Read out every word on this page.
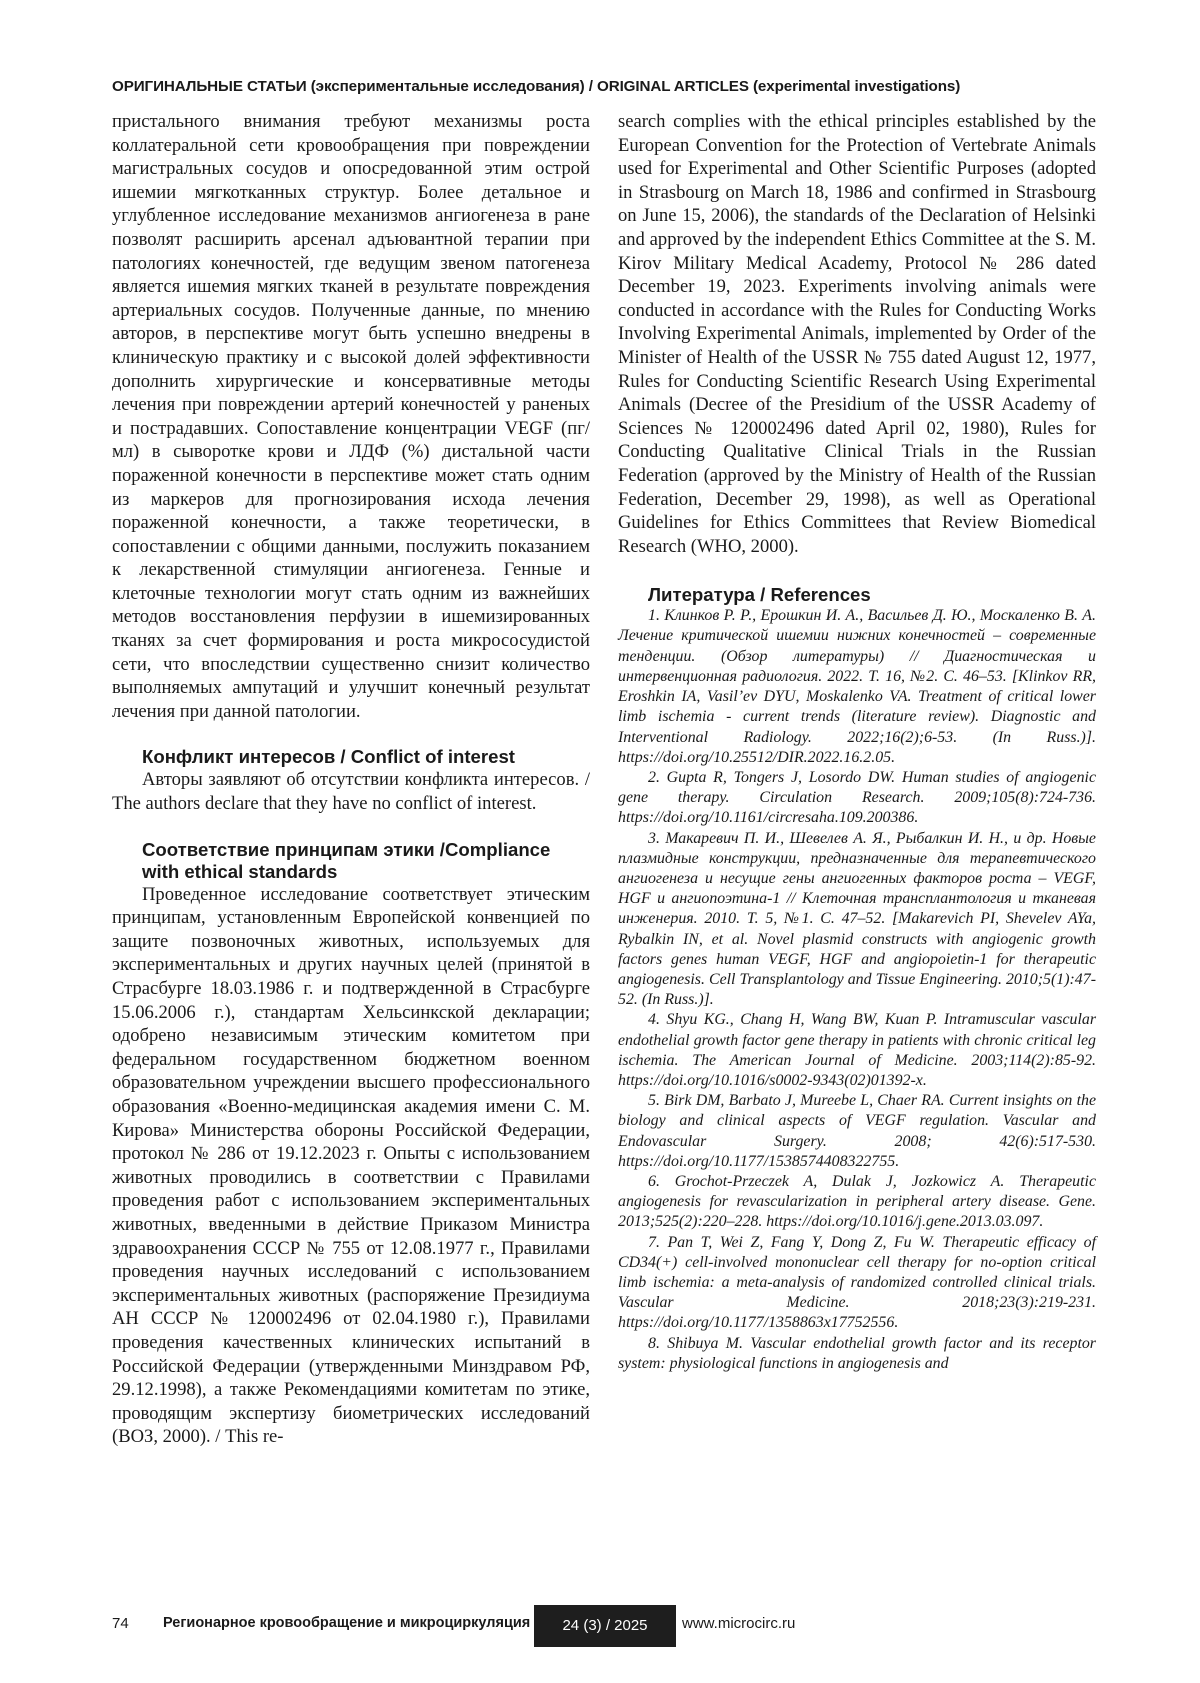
ОРИГИНАЛЬНЫЕ СТАТЬИ (экспериментальные исследования) / ORIGINAL ARTICLES (experimental investigations)

пристального внимания требуют механизмы роста коллатеральной сети кровообращения при повреждении магистральных сосудов и опосредованной этим острой ишемии мягкотканных структур. Более детальное и углубленное исследование механизмов ангиогенеза в ране позволят расширить арсенал адъювантной терапии при патологиях конечностей, где ведущим звеном патогенеза является ишемия мягких тканей в результате повреждения артериальных сосудов. Полученные данные, по мнению авторов, в перспективе могут быть успешно внедрены в клиническую практику и с высокой долей эффективности дополнить хирургические и консервативные методы лечения при повреждении артерий конечностей у раненых и пострадавших. Сопоставление концентрации VEGF (пг/мл) в сыворотке крови и ЛДФ (%) дистальной части пораженной конечности в перспективе может стать одним из маркеров для прогнозирования исхода лечения пораженной конечности, а также теоретически, в сопоставлении с общими данными, послужить показанием к лекарственной стимуляции ангиогенеза. Генные и клеточные технологии могут стать одним из важнейших методов восстановления перфузии в ишемизированных тканях за счет формирования и роста микрососудистой сети, что впоследствии существенно снизит количество выполняемых ампутаций и улучшит конечный результат лечения при данной патологии.

Конфликт интересов / Conflict of interest

Авторы заявляют об отсутствии конфликта интересов. / The authors declare that they have no conflict of interest.

Соответствие принципам этики /Compliance with ethical standards

Проведенное исследование соответствует этическим принципам, установленным Европейской конвенцией по защите позвоночных животных, используемых для экспериментальных и других научных целей (принятой в Страсбурге 18.03.1986 г. и подтвержденной в Страсбурге 15.06.2006 г.), стандартам Хельсинкской декларации; одобрено независимым этическим комитетом при федеральном государственном бюджетном военном образовательном учреждении высшего профессионального образования «Военно-медицинская академия имени С. М. Кирова» Министерства обороны Российской Федерации, протокол № 286 от 19.12.2023 г. Опыты с использованием животных проводились в соответствии с Правилами проведения работ с использованием экспериментальных животных, введенными в действие Приказом Министра здравоохранения СССР № 755 от 12.08.1977 г., Правилами проведения научных исследований с использованием экспериментальных животных (распоряжение Президиума АН СССР № 120002496 от 02.04.1980 г.), Правилами проведения качественных клинических испытаний в Российской Федерации (утвержденными Минздравом РФ, 29.12.1998), а также Рекомендациями комитетам по этике, проводящим экспертизу биометрических исследований (ВОЗ, 2000). / This re-

search complies with the ethical principles established by the European Convention for the Protection of Vertebrate Animals used for Experimental and Other Scientific Purposes (adopted in Strasbourg on March 18, 1986 and confirmed in Strasbourg on June 15, 2006), the standards of the Declaration of Helsinki and approved by the independent Ethics Committee at the S. M. Kirov Military Medical Academy, Protocol № 286 dated December 19, 2023. Experiments involving animals were conducted in accordance with the Rules for Conducting Works Involving Experimental Animals, implemented by Order of the Minister of Health of the USSR № 755 dated August 12, 1977, Rules for Conducting Scientific Research Using Experimental Animals (Decree of the Presidium of the USSR Academy of Sciences № 120002496 dated April 02, 1980), Rules for Conducting Qualitative Clinical Trials in the Russian Federation (approved by the Ministry of Health of the Russian Federation, December 29, 1998), as well as Operational Guidelines for Ethics Committees that Review Biomedical Research (WHO, 2000).

Литература / References

1. Клинков Р. Р., Ерошкин И. А., Васильев Д. Ю., Москаленко В. А. Лечение критической ишемии нижних конечностей – современные тенденции. (Обзор литературы) // Диагностическая и интервенционная радиология. 2022. Т. 16, №2. С. 46–53. [Klinkov RR, Eroshkin IA, Vasil’ev DYU, Moskalenko VA. Treatment of critical lower limb ischemia - current trends (literature review). Diagnostic and Interventional Radiology. 2022;16(2);6-53. (In Russ.)]. https://doi.org/10.25512/DIR.2022.16.2.05.

2. Gupta R, Tongers J, Losordo DW. Human studies of angiogenic gene therapy. Circulation Research. 2009;105(8):724-736. https://doi.org/10.1161/circresaha.109.200386.

3. Макаревич П. И., Шевелев А. Я., Рыбалкин И. Н., и др. Новые плазмидные конструкции, предназначенные для терапевтического ангиогенеза и несущие гены ангиогенных факторов роста – VEGF, HGF и ангиопоэтина-1 // Клеточная трансплантология и тканевая инженерия. 2010. Т. 5, №1. С. 47–52. [Makarevich PI, Shevelev AYa, Rybalkin IN, et al. Novel plasmid constructs with angiogenic growth factors genes human VEGF, HGF and angiopoietin-1 for therapeutic angiogenesis. Cell Transplantology and Tissue Engineering. 2010;5(1):47-52. (In Russ.)].

4. Shyu KG., Chang H, Wang BW, Kuan P. Intramuscular vascular endothelial growth factor gene therapy in patients with chronic critical leg ischemia. The American Journal of Medicine. 2003;114(2):85-92. https://doi.org/10.1016/s0002-9343(02)01392-x.

5. Birk DM, Barbato J, Mureebe L, Chaer RA. Current insights on the biology and clinical aspects of VEGF regulation. Vascular and Endovascular Surgery. 2008; 42(6):517-530. https://doi.org/10.1177/1538574408322755.

6. Grochot-Przeczek A, Dulak J, Jozkowicz A. Therapeutic angiogenesis for revascularization in peripheral artery disease. Gene. 2013;525(2):220–228. https://doi.org/10.1016/j.gene.2013.03.097.

7. Pan T, Wei Z, Fang Y, Dong Z, Fu W. Therapeutic efficacy of CD34(+) cell-involved mononuclear cell therapy for no-option critical limb ischemia: a meta-analysis of randomized controlled clinical trials. Vascular Medicine. 2018;23(3):219-231. https://doi.org/10.1177/1358863x17752556.

8. Shibuya M. Vascular endothelial growth factor and its receptor system: physiological functions in angiogenesis and

74 Регионарное кровообращение и микроциркуляция	24 (3) / 2025	www.microcirc.ru
